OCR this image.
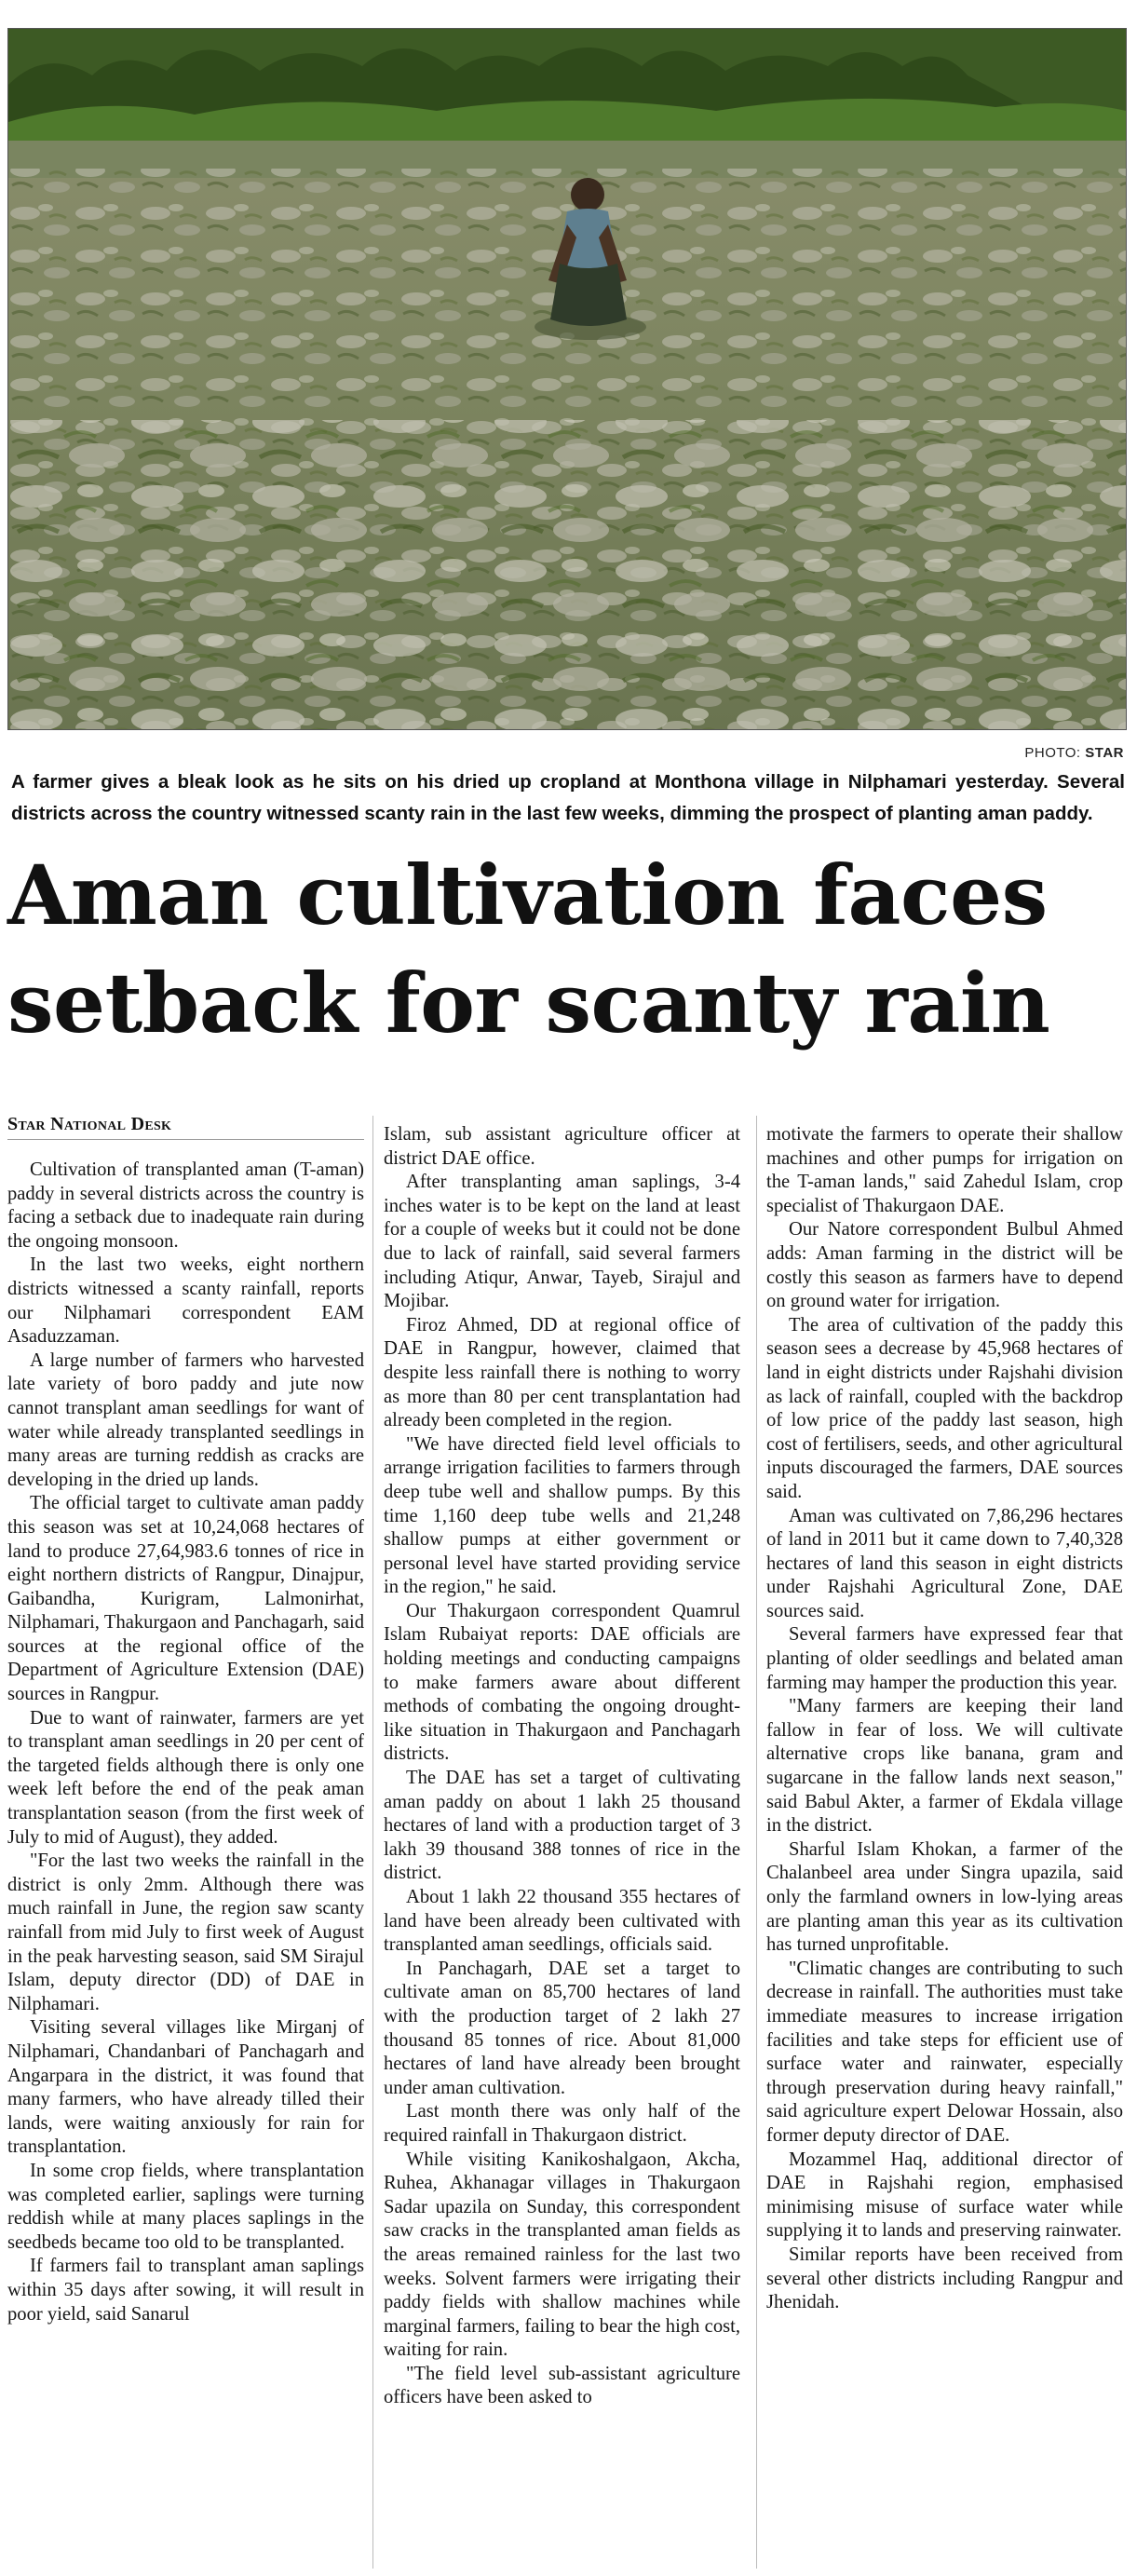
PHOTO: STAR
A farmer gives a bleak look as he sits on his dried up cropland at Monthona village in Nilphamari yesterday. Several districts across the country witnessed scanty rain in the last few weeks, dimming the prospect of planting aman paddy.
Aman cultivation faces
setback for scanty rain
Star National Desk

Cultivation of transplanted aman (T-aman) paddy in several districts across the country is facing a setback due to inadequate rain during the ongoing monsoon.

In the last two weeks, eight northern districts witnessed a scanty rainfall, reports our Nilphamari correspondent EAM Asaduzzaman.

A large number of farmers who harvested late variety of boro paddy and jute now cannot transplant aman seedlings for want of water while already transplanted seedlings in many areas are turning reddish as cracks are developing in the dried up lands.

The official target to cultivate aman paddy this season was set at 10,24,068 hectares of land to produce 27,64,983.6 tonnes of rice in eight northern districts of Rangpur, Dinajpur, Gaibandha, Kurigram, Lalmonirhat, Nilphamari, Thakurgaon and Panchagarh, said sources at the regional office of the Department of Agriculture Extension (DAE) sources in Rangpur.

Due to want of rainwater, farmers are yet to transplant aman seedlings in 20 per cent of the targeted fields although there is only one week left before the end of the peak aman transplantation season (from the first week of July to mid of August), they added.

"For the last two weeks the rainfall in the district is only 2mm. Although there was much rainfall in June, the region saw scanty rainfall from mid July to first week of August in the peak harvesting season, said SM Sirajul Islam, deputy director (DD) of DAE in Nilphamari.

Visiting several villages like Mirganj of Nilphamari, Chandanbari of Panchagarh and Angarpara in the district, it was found that many farmers, who have already tilled their lands, were waiting anxiously for rain for transplantation.

In some crop fields, where transplantation was completed earlier, saplings were turning reddish while at many places saplings in the seedbeds became too old to be transplanted.

If farmers fail to transplant aman saplings within 35 days after sowing, it will result in poor yield, said Sanarul

Islam, sub assistant agriculture officer at district DAE office.

After transplanting aman saplings, 3-4 inches water is to be kept on the land at least for a couple of weeks but it could not be done due to lack of rainfall, said several farmers including Atiqur, Anwar, Tayeb, Sirajul and Mojibar.

Firoz Ahmed, DD at regional office of DAE in Rangpur, however, claimed that despite less rainfall there is nothing to worry as more than 80 per cent transplantation had already been completed in the region.

"We have directed field level officials to arrange irrigation facilities to farmers through deep tube well and shallow pumps. By this time 1,160 deep tube wells and 21,248 shallow pumps at either government or personal level have started providing service in the region," he said.

Our Thakurgaon correspondent Quamrul Islam Rubaiyat reports: DAE officials are holding meetings and conducting campaigns to make farmers aware about different methods of combating the ongoing drought-like situation in Thakurgaon and Panchagarh districts.

The DAE has set a target of cultivating aman paddy on about 1 lakh 25 thousand hectares of land with a production target of 3 lakh 39 thousand 388 tonnes of rice in the district.

About 1 lakh 22 thousand 355 hectares of land have been already been cultivated with transplanted aman seedlings, officials said.

In Panchagarh, DAE set a target to cultivate aman on 85,700 hectares of land with the production target of 2 lakh 27 thousand 85 tonnes of rice. About 81,000 hectares of land have already been brought under aman cultivation.

Last month there was only half of the required rainfall in Thakurgaon district.

While visiting Kanikoshalgaon, Akcha, Ruhea, Akhanagar villages in Thakurgaon Sadar upazila on Sunday, this correspondent saw cracks in the transplanted aman fields as the areas remained rainless for the last two weeks. Solvent farmers were irrigating their paddy fields with shallow machines while marginal farmers, failing to bear the high cost, waiting for rain.

"The field level sub-assistant agriculture officers have been asked to

motivate the farmers to operate their shallow machines and other pumps for irrigation on the T-aman lands," said Zahedul Islam, crop specialist of Thakurgaon DAE.

Our Natore correspondent Bulbul Ahmed adds: Aman farming in the district will be costly this season as farmers have to depend on ground water for irrigation.

The area of cultivation of the paddy this season sees a decrease by 45,968 hectares of land in eight districts under Rajshahi division as lack of rainfall, coupled with the backdrop of low price of the paddy last season, high cost of fertilisers, seeds, and other agricultural inputs discouraged the farmers, DAE sources said.

Aman was cultivated on 7,86,296 hectares of land in 2011 but it came down to 7,40,328 hectares of land this season in eight districts under Rajshahi Agricultural Zone, DAE sources said.

Several farmers have expressed fear that planting of older seedlings and belated aman farming may hamper the production this year.

"Many farmers are keeping their land fallow in fear of loss. We will cultivate alternative crops like banana, gram and sugarcane in the fallow lands next season," said Babul Akter, a farmer of Ekdala village in the district.

Sharful Islam Khokan, a farmer of the Chalanbeel area under Singra upazila, said only the farmland owners in low-lying areas are planting aman this year as its cultivation has turned unprofitable.

"Climatic changes are contributing to such decrease in rainfall. The authorities must take immediate measures to increase irrigation facilities and take steps for efficient use of surface water and rainwater, especially through preservation during heavy rainfall," said agriculture expert Delowar Hossain, also former deputy director of DAE.

Mozammel Haq, additional director of DAE in Rajshahi region, emphasised minimising misuse of surface water while supplying it to lands and preserving rainwater.

Similar reports have been received from several other districts including Rangpur and Jhenidah.
